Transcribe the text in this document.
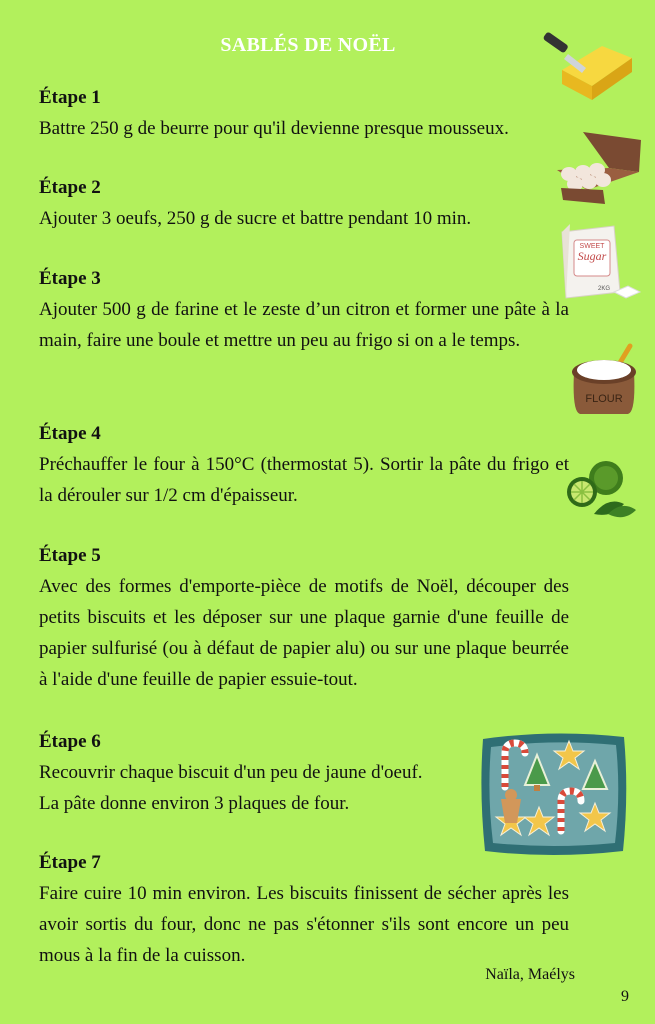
SABLÉS DE NOËL
Étape 1

Battre 250 g de beurre pour qu'il devienne presque mousseux.

Étape 2

Ajouter 3 oeufs, 250 g de sucre et battre pendant 10 min.

Étape 3

Ajouter 500 g de farine et le zeste d’un citron et former une pâte à la main, faire une boule et mettre un peu au frigo si on a le temps.

Étape 4

Préchauffer le four à 150°C (thermostat 5). Sortir la pâte du frigo et la dérouler sur 1/2 cm d'épaisseur.

Étape 5

Avec des formes d'emporte-pièce de motifs de Noël, découper des petits biscuits et les déposer sur une plaque garnie d'une feuille de papier sulfurisé (ou à défaut de papier alu) ou sur une plaque beurrée à l'aide d'une feuille de papier essuie-tout.

Étape 6

Recouvrir chaque biscuit d'un peu de jaune d'oeuf.

La pâte donne environ 3 plaques de four.

Étape 7

Faire cuire 10 min environ. Les biscuits finissent de sécher après les avoir sortis du four, donc ne pas s'étonner s'ils sont encore un peu mous à la fin de la cuisson.

Naïla, Maélys
9
SWEET
Sugar
2KG
FLOUR
